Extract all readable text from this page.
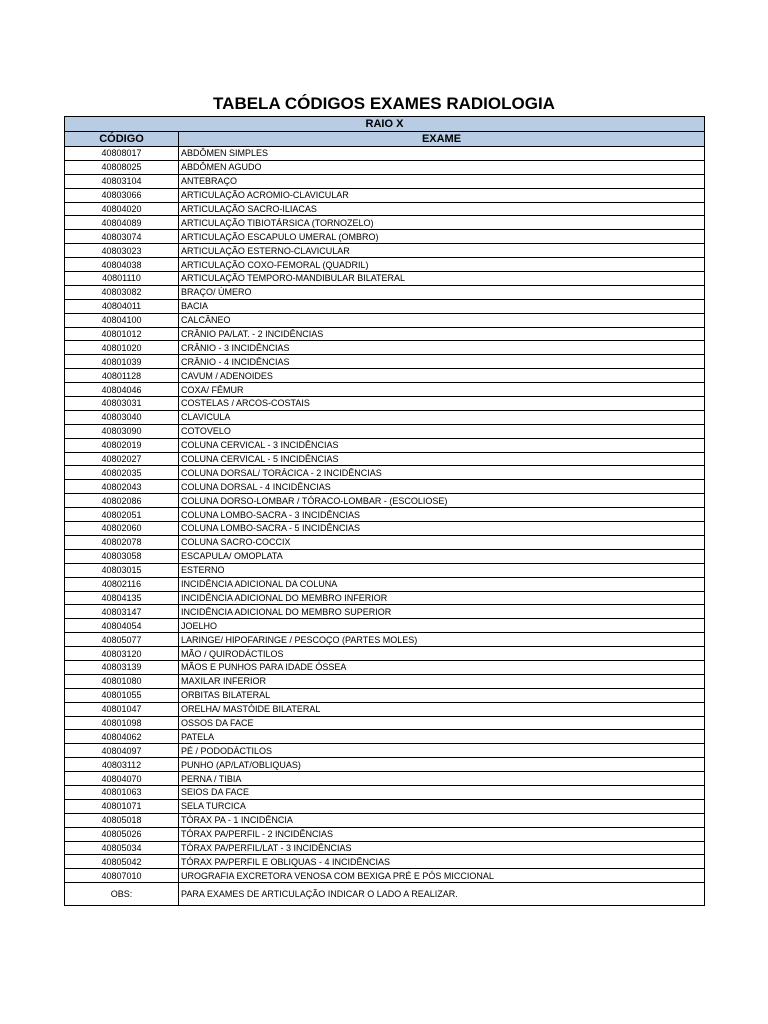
TABELA CÓDIGOS EXAMES RADIOLOGIA
RAIO X	
CÓDIGO	EXAME
40808017	ABDÔMEN SIMPLES
40808025	ABDÔMEN AGUDO
40803104	ANTEBRAÇO
40803066	ARTICULAÇÃO ACROMIO-CLAVICULAR
40804020	ARTICULAÇÃO SACRO-ILIACAS
40804089	ARTICULAÇÃO TIBIOTÁRSICA (TORNOZELO)
40803074	ARTICULAÇÃO ESCAPULO UMERAL (OMBRO)
40803023	ARTICULAÇÃO ESTERNO-CLAVICULAR
40804038	ARTICULAÇÃO COXO-FEMORAL (QUADRIL)
40801110	ARTICULAÇÃO TEMPORO-MANDIBULAR BILATERAL
40803082	BRAÇO/ ÚMERO
40804011	BACIA
40804100	CALCÂNEO
40801012	CRÂNIO PA/LAT. - 2 INCIDÊNCIAS
40801020	CRÂNIO - 3 INCIDÊNCIAS
40801039	CRÂNIO - 4 INCIDÊNCIAS
40801128	CAVUM / ADENOIDES
40804046	COXA/ FÊMUR
40803031	COSTELAS / ARCOS-COSTAIS
40803040	CLAVICULA
40803090	COTOVELO
40802019	COLUNA CERVICAL - 3 INCIDÊNCIAS
40802027	COLUNA CERVICAL - 5 INCIDÊNCIAS
40802035	COLUNA DORSAL/ TORÁCICA - 2 INCIDÊNCIAS
40802043	COLUNA DORSAL - 4 INCIDÊNCIAS
40802086	COLUNA DORSO-LOMBAR / TÓRACO-LOMBAR - (ESCOLIOSE)
40802051	COLUNA LOMBO-SACRA - 3 INCIDÊNCIAS
40802060	COLUNA LOMBO-SACRA - 5 INCIDÊNCIAS
40802078	COLUNA SACRO-COCCIX
40803058	ESCAPULA/ OMOPLATA
40803015	ESTERNO
40802116	INCIDÊNCIA ADICIONAL DA COLUNA
40804135	INCIDÊNCIA ADICIONAL DO MEMBRO INFERIOR
40803147	INCIDÊNCIA ADICIONAL DO MEMBRO SUPERIOR
40804054	JOELHO
40805077	LARINGE/ HIPOFARINGE / PESCOÇO (PARTES MOLES)
40803120	MÃO / QUIRODÁCTILOS
40803139	MÃOS E PUNHOS PARA IDADE ÓSSEA
40801080	MAXILAR INFERIOR
40801055	ORBITAS BILATERAL
40801047	ORELHA/ MASTÓIDE BILATERAL
40801098	OSSOS DA FACE
40804062	PATELA
40804097	PÉ / PODODÁCTILOS
40803112	PUNHO (AP/LAT/OBLIQUAS)
40804070	PERNA / TIBIA
40801063	SEIOS DA FACE
40801071	SELA TURCICA
40805018	TÓRAX PA - 1 INCIDÊNCIA
40805026	TÓRAX PA/PERFIL - 2 INCIDÊNCIAS
40805034	TÓRAX PA/PERFIL/LAT - 3 INCIDÊNCIAS
40805042	TÓRAX PA/PERFIL E OBLIQUAS - 4 INCIDÊNCIAS
40807010	UROGRAFIA EXCRETORA VENOSA COM BEXIGA PRÉ E PÓS MICCIONAL
OBS:	PARA EXAMES DE ARTICULAÇÃO INDICAR O LADO A REALIZAR.
